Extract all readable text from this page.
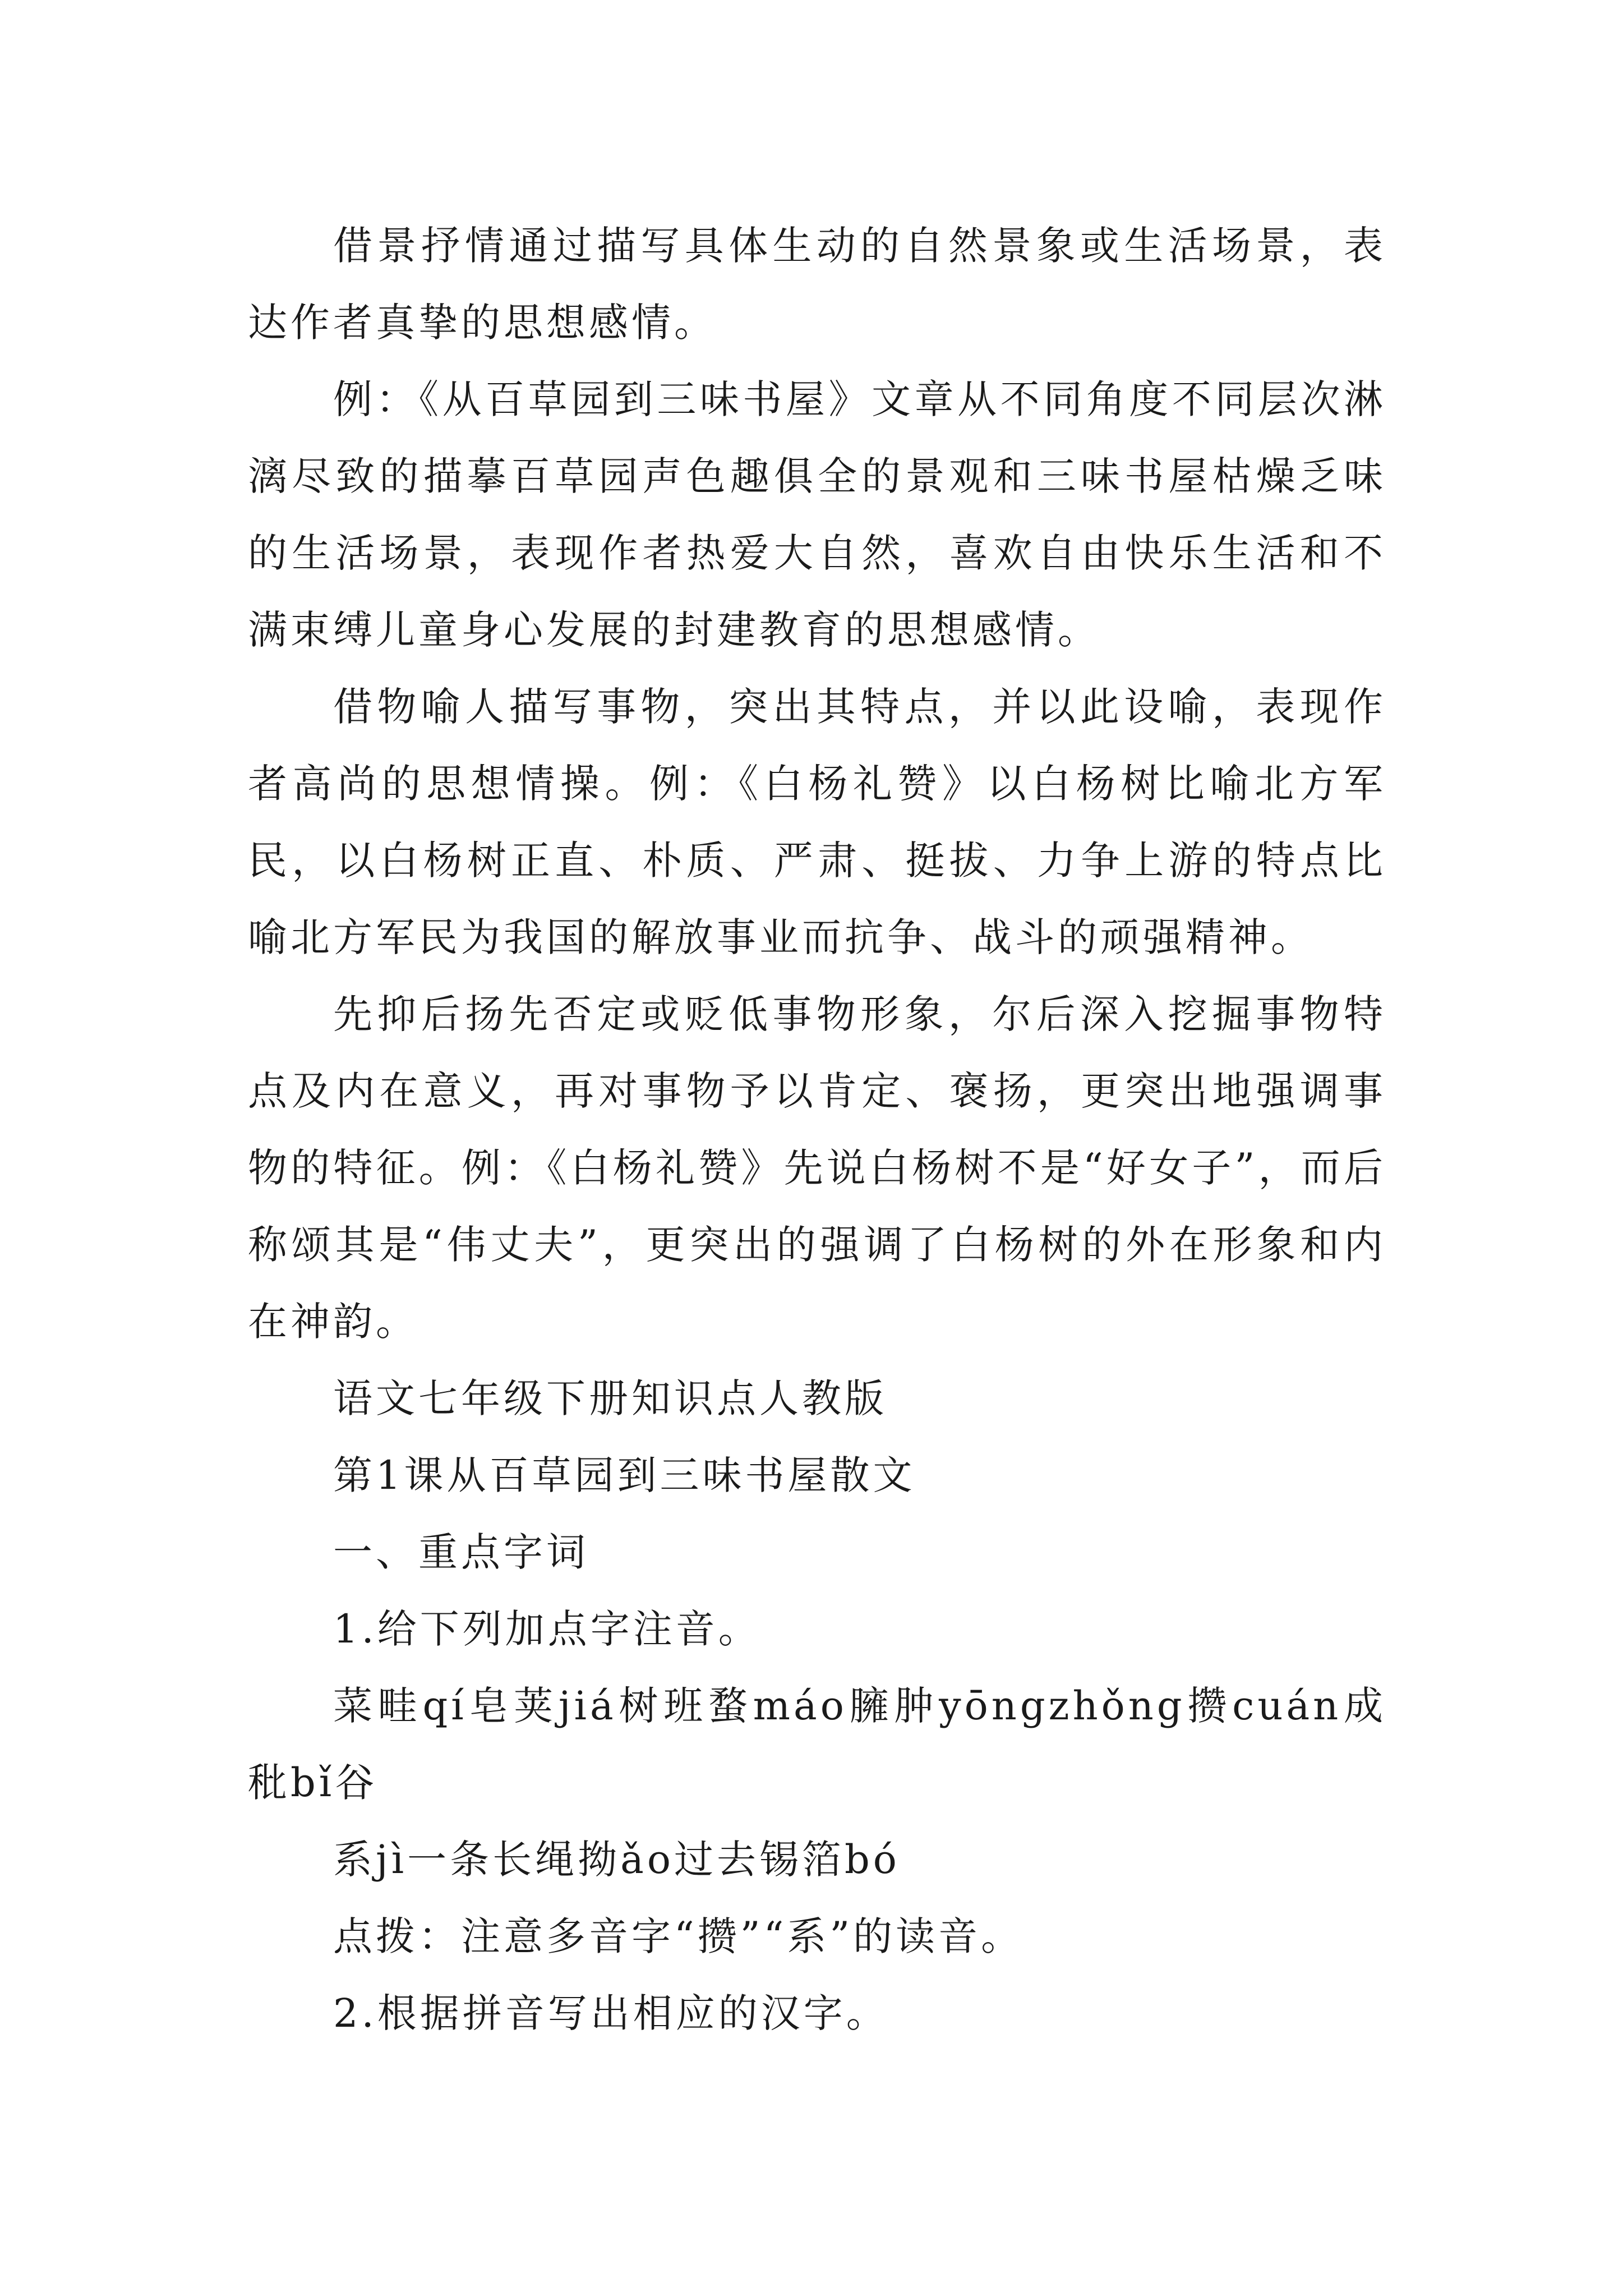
借景抒情通过描写具体生动的自然景象或生活场景，表达作者真挚的思想感情。

例：《从百草园到三味书屋》文章从不同角度不同层次淋漓尽致的描摹百草园声色趣俱全的景观和三味书屋枯燥乏味的生活场景，表现作者热爱大自然，喜欢自由快乐生活和不满束缚儿童身心发展的封建教育的思想感情。

借物喻人描写事物，突出其特点，并以此设喻，表现作者高尚的思想情操。例：《白杨礼赞》以白杨树比喻北方军民，以白杨树正直、朴质、严肃、挺拔、力争上游的特点比喻北方军民为我国的解放事业而抗争、战斗的顽强精神。

先抑后扬先否定或贬低事物形象，尔后深入挖掘事物特点及内在意义，再对事物予以肯定、褒扬，更突出地强调事物的特征。例：《白杨礼赞》先说白杨树不是“好女子”，而后称颂其是“伟丈夫”，更突出的强调了白杨树的外在形象和内在神韵。

语文七年级下册知识点人教版

第1课从百草园到三味书屋散文

一、重点字词

1.给下列加点字注音。

菜畦qí皂荚jiá树班蝥máo臃肿yōngzhǒng攒cuán成秕bǐ谷

系jì一条长绳拗ǎo过去锡箔bó

点拨：注意多音字“攒”“系”的读音。

2.根据拼音写出相应的汉字。
